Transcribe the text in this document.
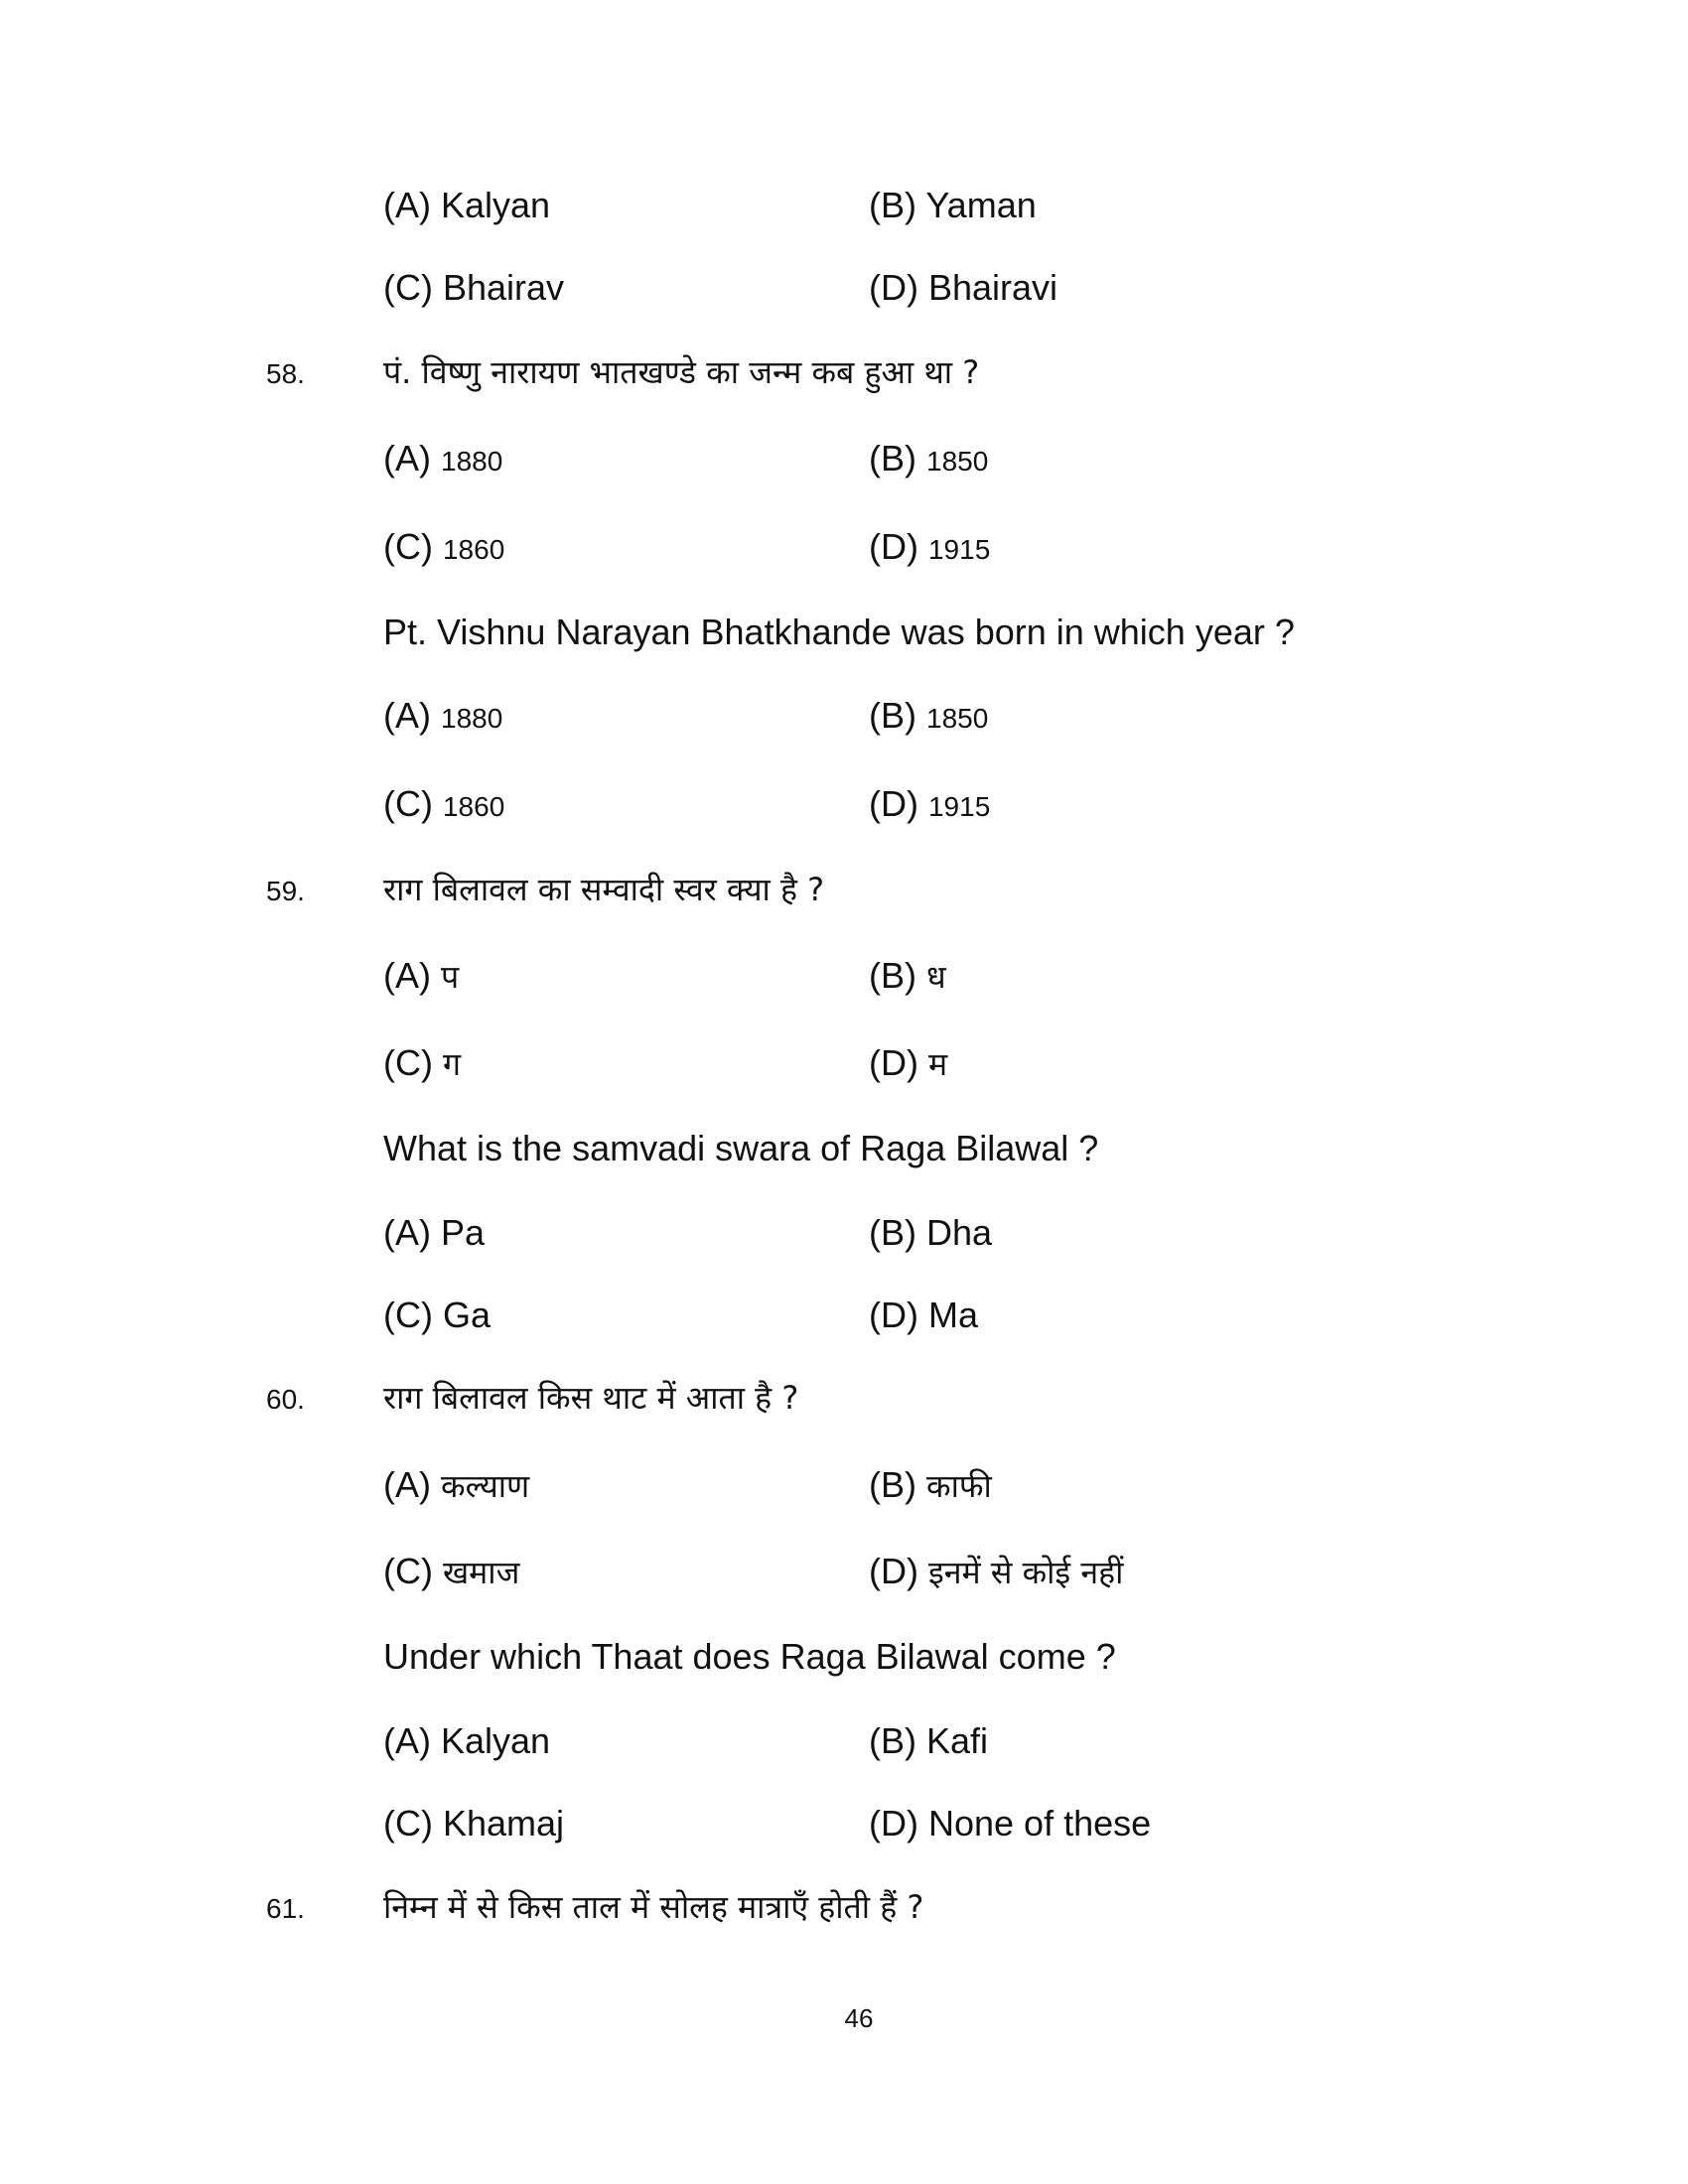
(A) Kalyan	(B) Yaman
(C) Bhairav	(D) Bhairavi
58. पं. विष्णु नारायण भातखण्डे का जन्म कब हुआ था ?
(A) 1880	(B) 1850
(C) 1860	(D) 1915
Pt. Vishnu Narayan Bhatkhande was born in which year ?
(A) 1880	(B) 1850
(C) 1860	(D) 1915
59. राग बिलावल का सम्वादी स्वर क्या है ?
(A) प	(B) ध
(C) ग	(D) म
What is the samvadi swara of Raga Bilawal ?
(A) Pa	(B) Dha
(C) Ga	(D) Ma
60. राग बिलावल किस थाट में आता है ?
(A) कल्याण	(B) काफी
(C) खमाज	(D) इनमें से कोई नहीं
Under which Thaat does Raga Bilawal come ?
(A) Kalyan	(B) Kafi
(C) Khamaj	(D) None of these
61. निम्न में से किस ताल में सोलह मात्राएँ होती हैं ?
46
